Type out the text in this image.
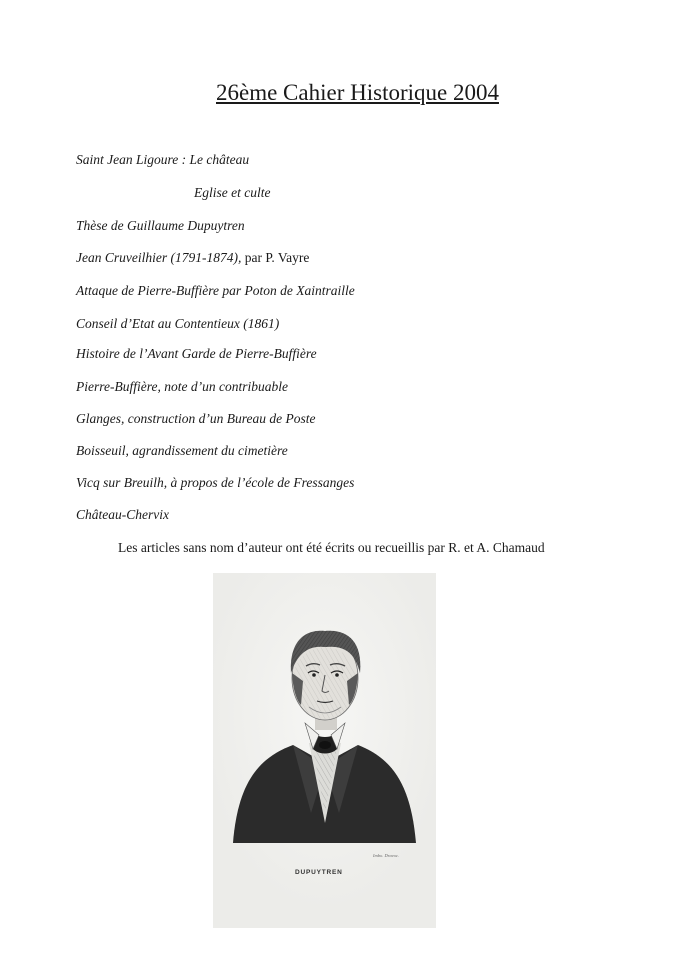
26ème Cahier Historique 2004
Saint Jean Ligoure : Le château
Eglise et culte
Thèse de Guillaume Dupuytren
Jean Cruveilhier (1791-1874), par P. Vayre
Attaque de Pierre-Buffière par Poton de Xaintraille
Conseil d’Etat au Contentieux (1861)
Histoire de l’Avant Garde de Pierre-Buffière
Pierre-Buffière, note d’un contribuable
Glanges, construction d’un Bureau de Poste
Boisseuil, agrandissement du cimetière
Vicq sur Breuilh, à propos de l’école de Fressanges
Château-Chervix
Les articles sans nom d’auteur ont été écrits ou recueillis par R. et A. Chamaud
Imbo. Dravoc.
DUPUYTREN
